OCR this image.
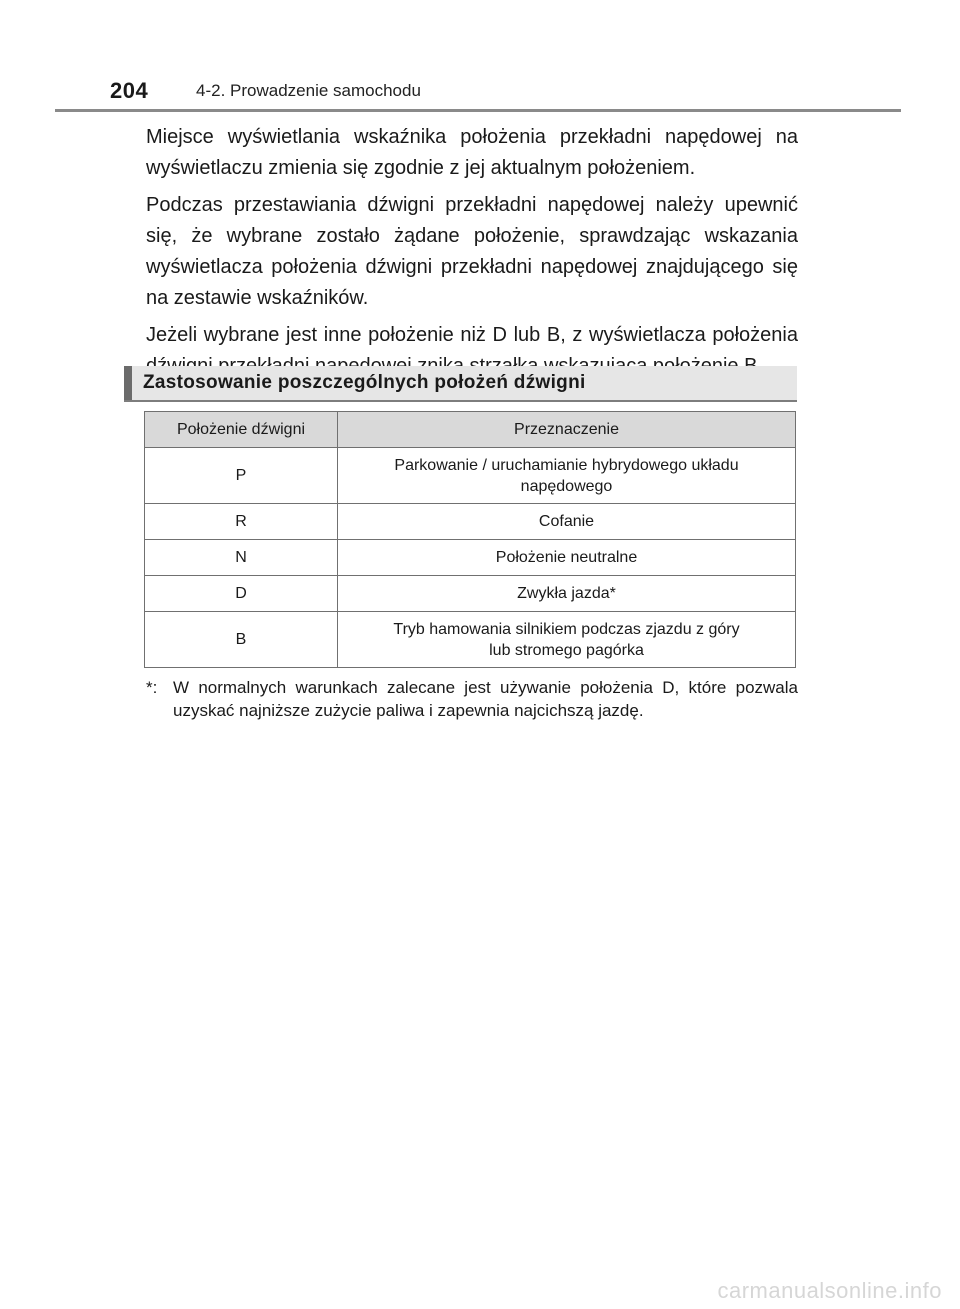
204	4-2. Prowadzenie samochodu

Miejsce wyświetlania wskaźnika położenia przekładni napędowej na wyświetlaczu zmienia się zgodnie z jej aktualnym położeniem.

Podczas przestawiania dźwigni przekładni napędowej należy upewnić się, że wybrane zostało żądane położenie, sprawdzając wskazania wyświetlacza położenia dźwigni przekładni napędowej znajdującego się na zestawie wskaźników.

Jeżeli wybrane jest inne położenie niż D lub B, z wyświetlacza położenia

Zastosowanie poszczególnych położeń dźwigni
Położenie dźwigni	Przeznaczenie
P	Parkowanie / uruchamianie hybrydowego układu
napędowego
R	Cofanie
N	Położenie neutralne
D	Zwykła jazda*
B	Tryb hamowania silnikiem podczas zjazdu z góry
lub stromego pagórka
*: W normalnych warunkach zalecane jest używanie położenia D, które pozwala uzyskać najniższe zużycie paliwa i zapewnia najcichszą jazdę.
carmanualsonline.info
